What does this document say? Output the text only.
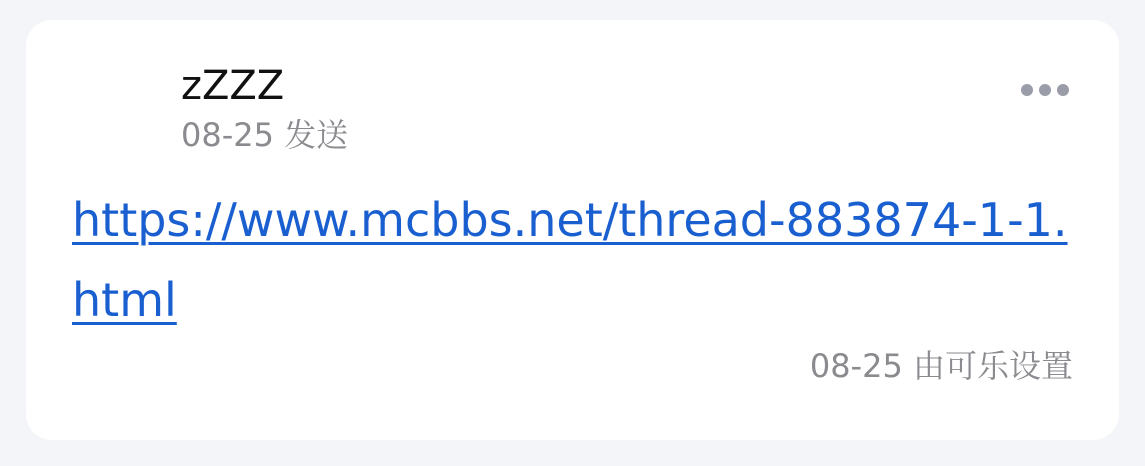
zZZZ
08-25 发送
https://www.mcbbs.net/thread-883874-1-1.html
08-25 由可乐设置
